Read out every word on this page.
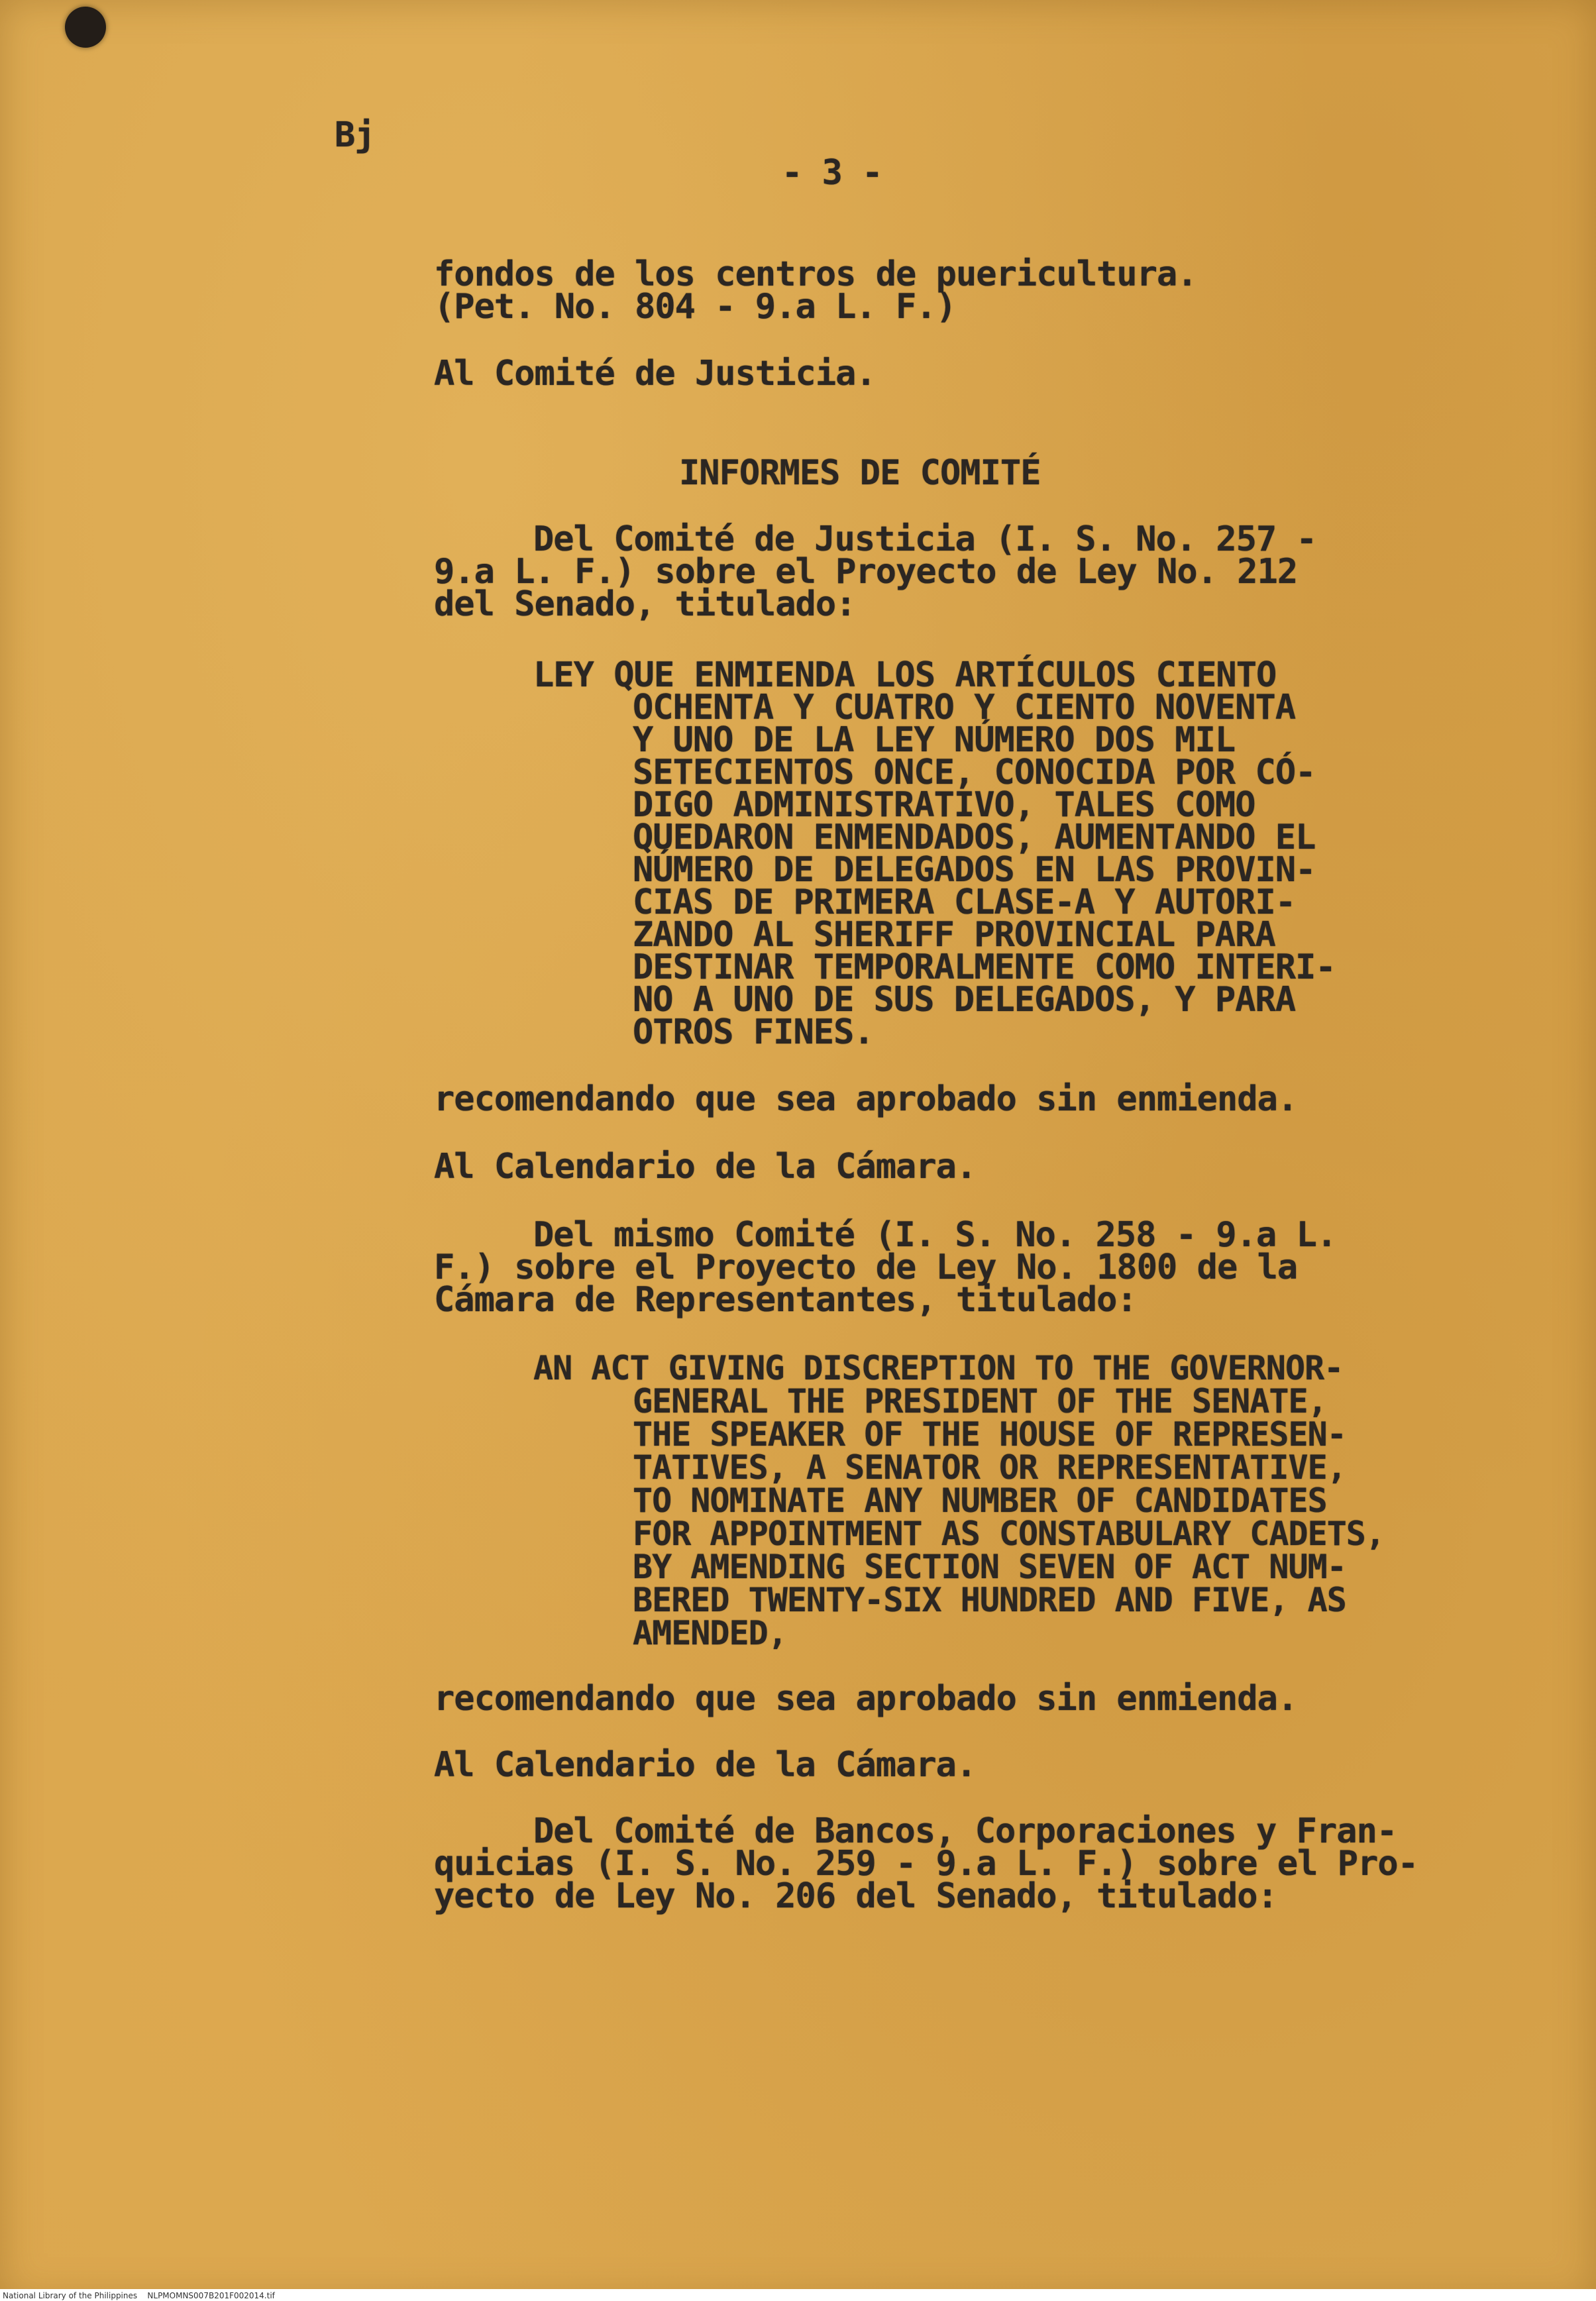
Bj
- 3 -
fondos de los centros de puericultura.
(Pet. No. 804 - 9.a L. F.)
Al Comité de Justicia.
INFORMES DE COMITÉ
Del Comité de Justicia (I. S. No. 257 -
9.a L. F.) sobre el Proyecto de Ley No. 212
del Senado, titulado:
LEY QUE ENMIENDA LOS ARTÍCULOS CIENTO
OCHENTA Y CUATRO Y CIENTO NOVENTA
Y UNO DE LA LEY NÚMERO DOS MIL
SETECIENTOS ONCE, CONOCIDA POR CÓ-
DIGO ADMINISTRATIVO, TALES COMO
QUEDARON ENMENDADOS, AUMENTANDO EL
NÚMERO DE DELEGADOS EN LAS PROVIN-
CIAS DE PRIMERA CLASE-A Y AUTORI-
ZANDO AL SHERIFF PROVINCIAL PARA
DESTINAR TEMPORALMENTE COMO INTERI-
NO A UNO DE SUS DELEGADOS, Y PARA
OTROS FINES.
recomendando que sea aprobado sin enmienda.
Al Calendario de la Cámara.
Del mismo Comité (I. S. No. 258 - 9.a L.
F.) sobre el Proyecto de Ley No. 1800 de la
Cámara de Representantes, titulado:
AN ACT GIVING DISCREPTION TO THE GOVERNOR-
GENERAL THE PRESIDENT OF THE SENATE,
THE SPEAKER OF THE HOUSE OF REPRESEN-
TATIVES, A SENATOR OR REPRESENTATIVE,
TO NOMINATE ANY NUMBER OF CANDIDATES
FOR APPOINTMENT AS CONSTABULARY CADETS,
BY AMENDING SECTION SEVEN OF ACT NUM-
BERED TWENTY-SIX HUNDRED AND FIVE, AS
AMENDED,
recomendando que sea aprobado sin enmienda.
Al Calendario de la Cámara.
Del Comité de Bancos, Corporaciones y Fran-
quicias (I. S. No. 259 - 9.a L. F.) sobre el Pro-
yecto de Ley No. 206 del Senado, titulado:
National Library of the Philippines NLPMOMNS007B201F002014.tif
